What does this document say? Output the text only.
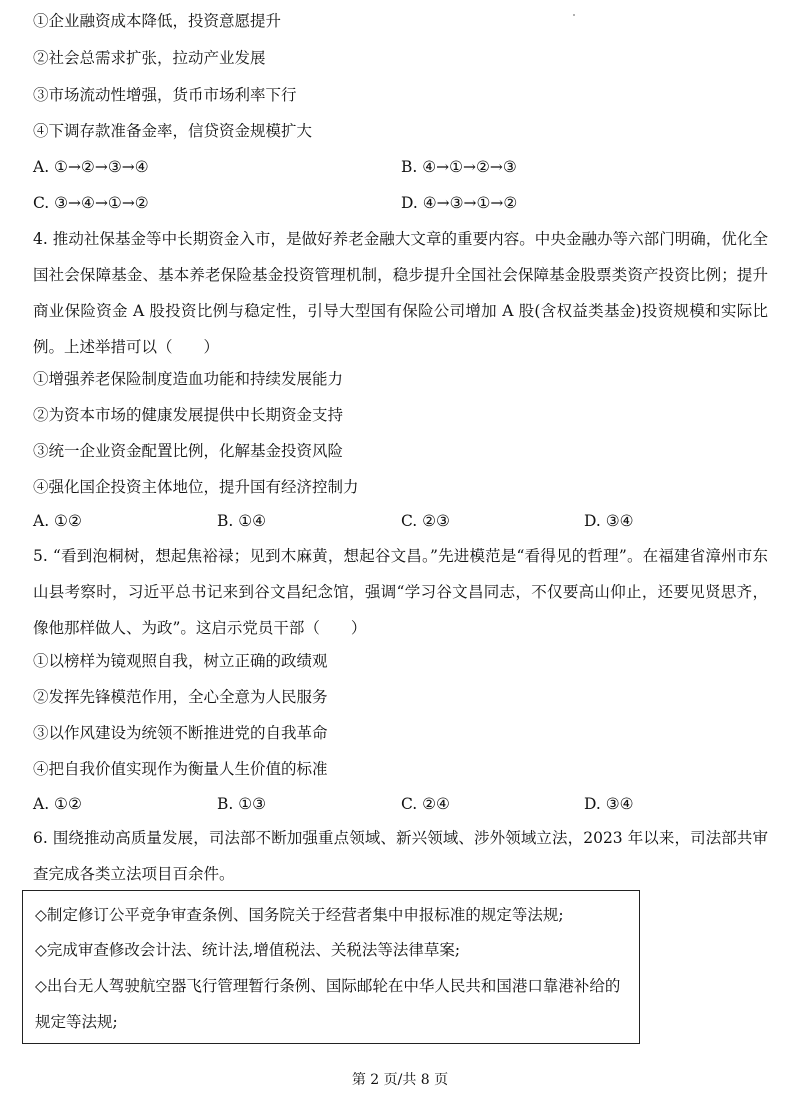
①企业融资成本降低，投资意愿提升
②社会总需求扩张，拉动产业发展
③市场流动性增强，货币市场利率下行
④下调存款准备金率，信贷资金规模扩大
A. ①→②→③→④	B. ④→①→②→③
C. ③→④→①→②	D. ④→③→①→②
4. 推动社保基金等中长期资金入市，是做好养老金融大文章的重要内容。中央金融办等六部门明确，优化全国社会保障基金、基本养老保险基金投资管理机制，稳步提升全国社会保障基金股票类资产投资比例；提升商业保险资金 A 股投资比例与稳定性，引导大型国有保险公司增加 A 股(含权益类基金)投资规模和实际比例。上述举措可以（　　）
①增强养老保险制度造血功能和持续发展能力
②为资本市场的健康发展提供中长期资金支持
③统一企业资金配置比例，化解基金投资风险
④强化国企投资主体地位，提升国有经济控制力
A. ①②	B. ①④	C. ②③	D. ③④
5. “看到泡桐树，想起焦裕禄；见到木麻黄，想起谷文昌。”先进模范是“看得见的哲理”。在福建省漳州市东山县考察时，习近平总书记来到谷文昌纪念馆，强调“学习谷文昌同志，不仅要高山仰止，还要见贤思齐，像他那样做人、为政”。这启示党员干部（　　）
①以榜样为镜观照自我，树立正确的政绩观
②发挥先锋模范作用，全心全意为人民服务
③以作风建设为统领不断推进党的自我革命
④把自我价值实现作为衡量人生价值的标准
A. ①②	B. ①③	C. ②④	D. ③④
6. 围绕推动高质量发展，司法部不断加强重点领域、新兴领域、涉外领域立法，2023 年以来，司法部共审查完成各类立法项目百余件。
◇制定修订公平竞争审查条例、国务院关于经营者集中申报标准的规定等法规;
◇完成审查修改会计法、统计法,增值税法、关税法等法律草案;
◇出台无人驾驶航空器飞行管理暂行条例、国际邮轮在中华人民共和国港口靠港补给的
规定等法规;
第 2 页/共 8 页
